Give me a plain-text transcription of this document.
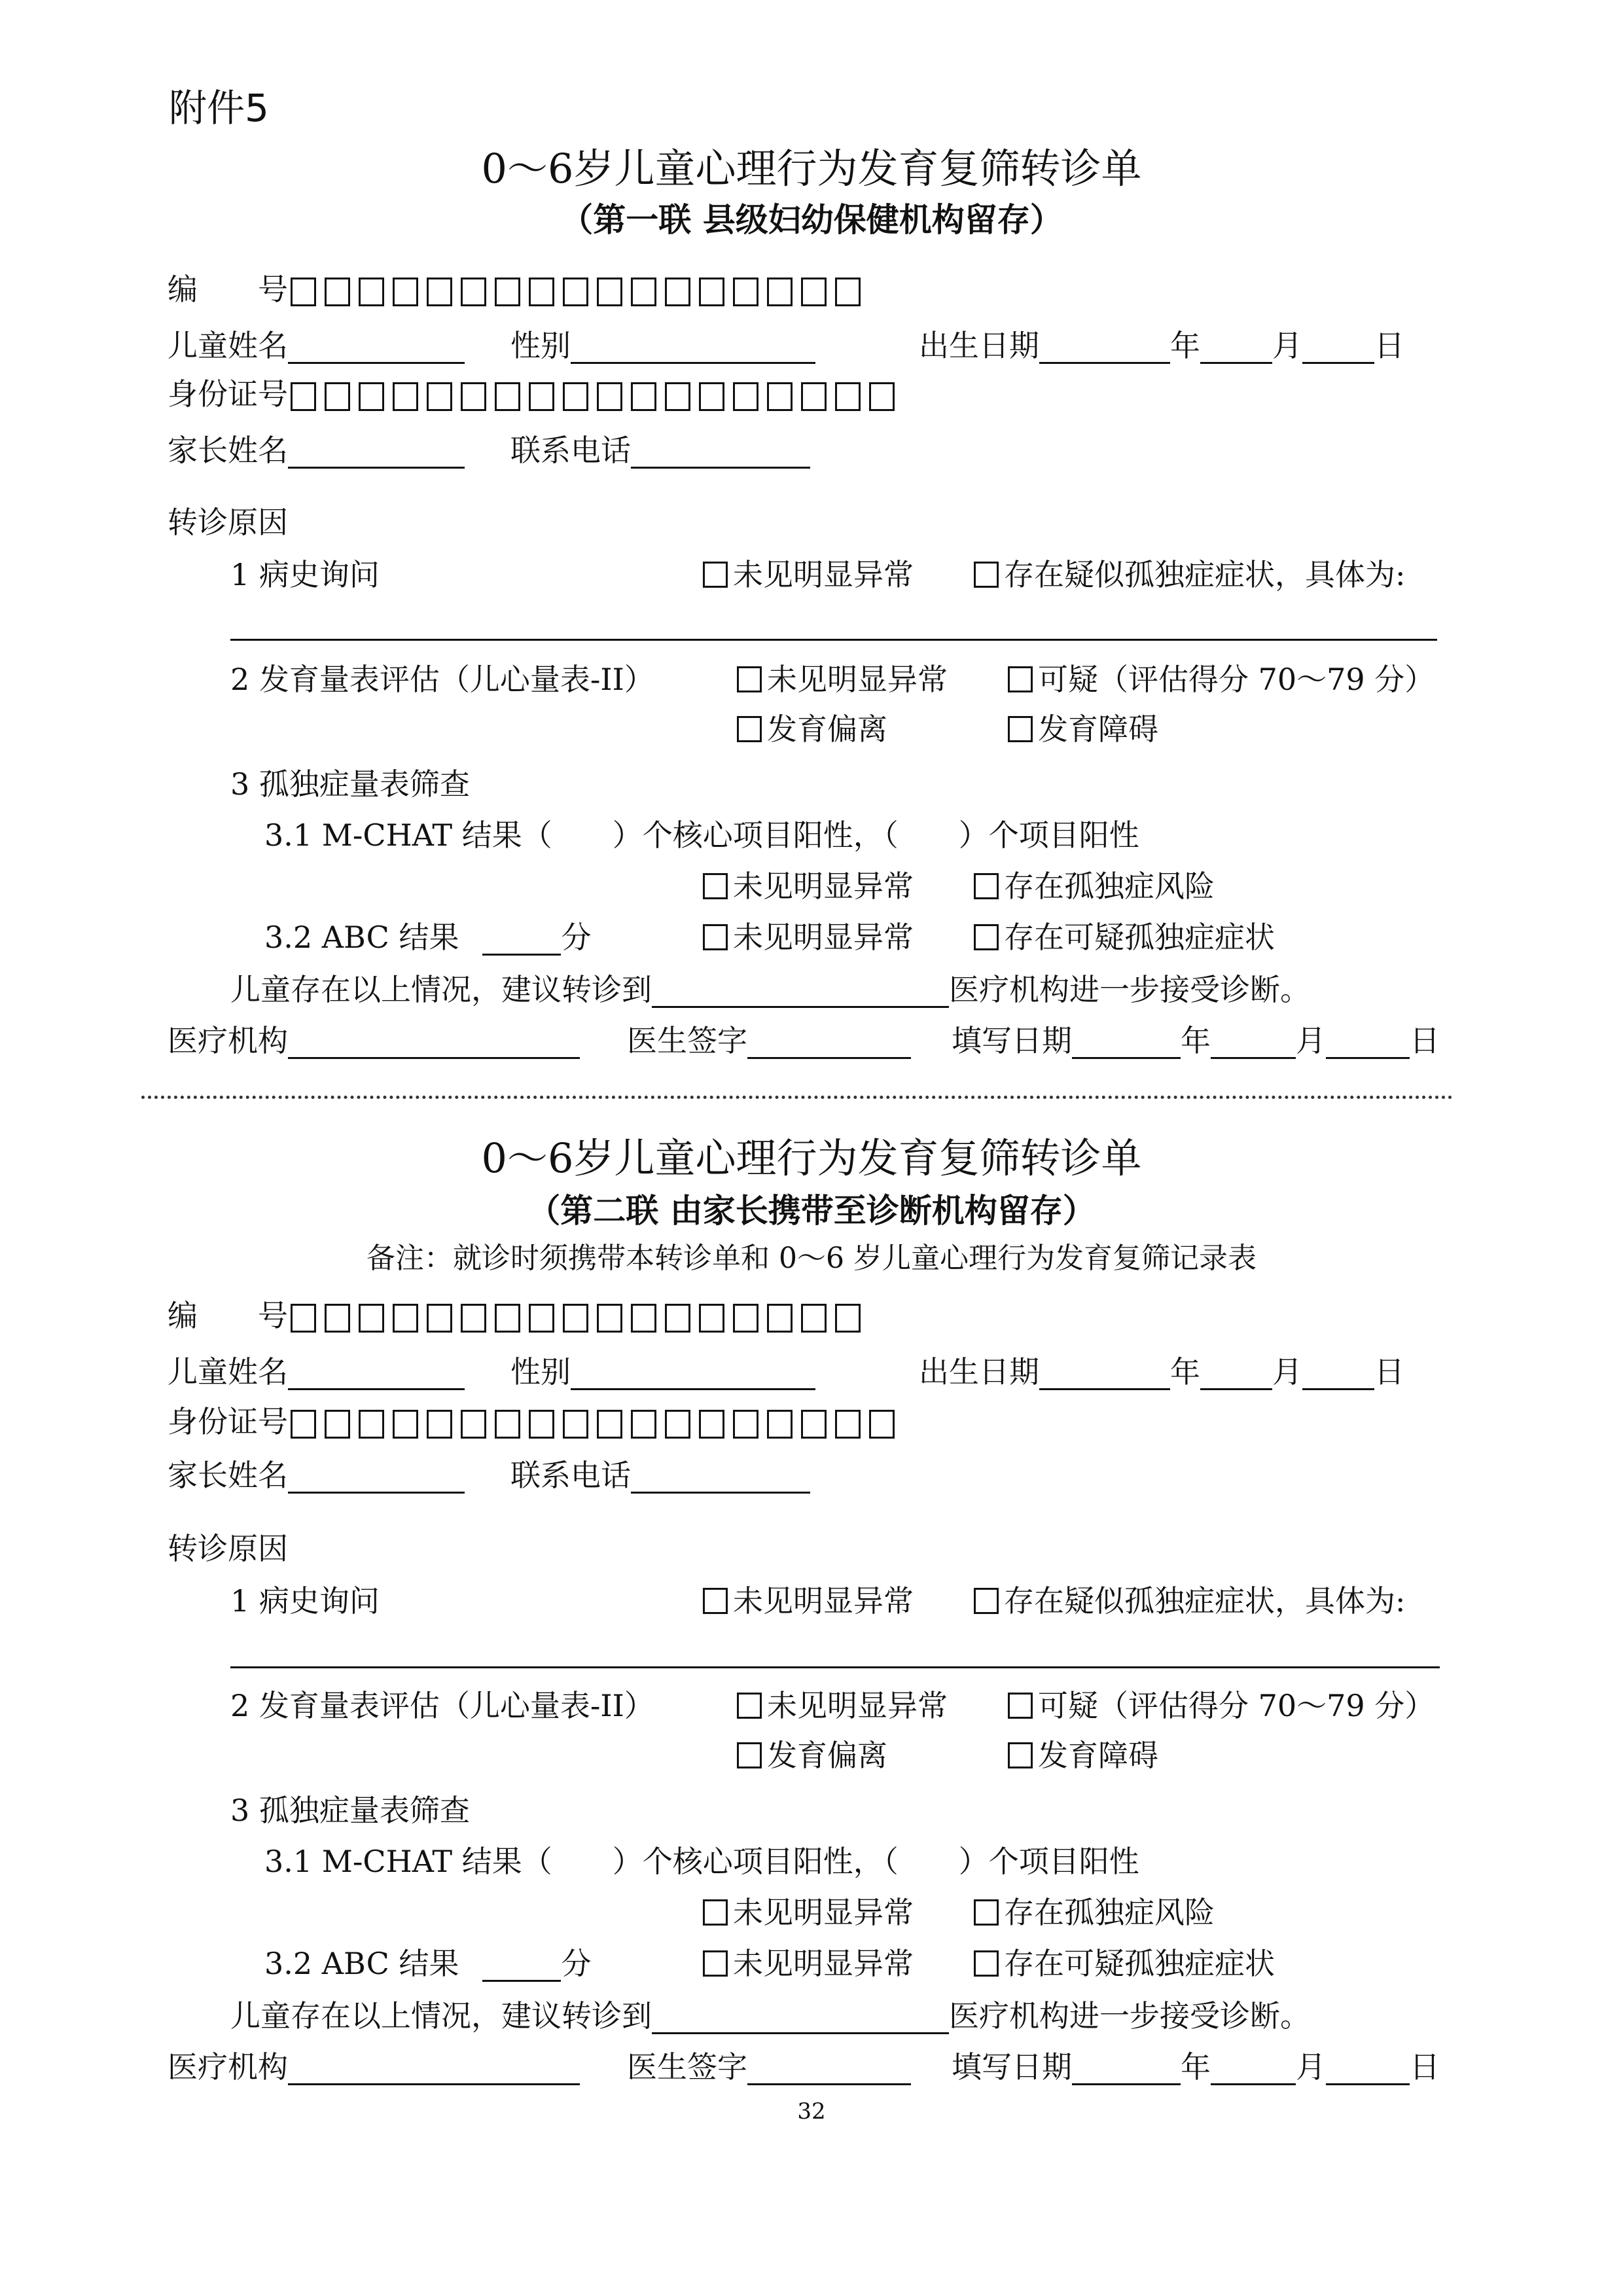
附件5
0～6岁儿童心理行为发育复筛转诊单
（第一联 县级妇幼保健机构留存）
编　　号
儿童姓名	性别	出生日期	年 月 日
身份证号
家长姓名	联系电话
转诊原因
1 病史询问	未见明显异常	存在疑似孤独症症状，具体为:
2 发育量表评估（儿心量表-II）	未见明显异常	可疑（评估得分 70～79 分）
发育偏离	发育障碍
3 孤独症量表筛查
3.1 M-CHAT 结果（　　）个核心项目阳性，（　　）个项目阳性
未见明显异常	存在孤独症风险
3.2 ABC 结果	分	未见明显异常	存在可疑孤独症症状
儿童存在以上情况，建议转诊到	医疗机构进一步接受诊断。
医疗机构	医生签字	填写日期	年	月	日
0～6岁儿童心理行为发育复筛转诊单
（第二联 由家长携带至诊断机构留存）
备注：就诊时须携带本转诊单和 0～6 岁儿童心理行为发育复筛记录表
编　　号
儿童姓名	性别	出生日期	年 月 日
身份证号
家长姓名	联系电话
转诊原因
1 病史询问	未见明显异常	存在疑似孤独症症状，具体为:
2 发育量表评估（儿心量表-II）	未见明显异常	可疑（评估得分 70～79 分）
发育偏离	发育障碍
3 孤独症量表筛查
3.1 M-CHAT 结果（　　）个核心项目阳性，（　　）个项目阳性
未见明显异常	存在孤独症风险
3.2 ABC 结果	分	未见明显异常	存在可疑孤独症症状
儿童存在以上情况，建议转诊到	医疗机构进一步接受诊断。
医疗机构	医生签字	填写日期	年	月	日
32
